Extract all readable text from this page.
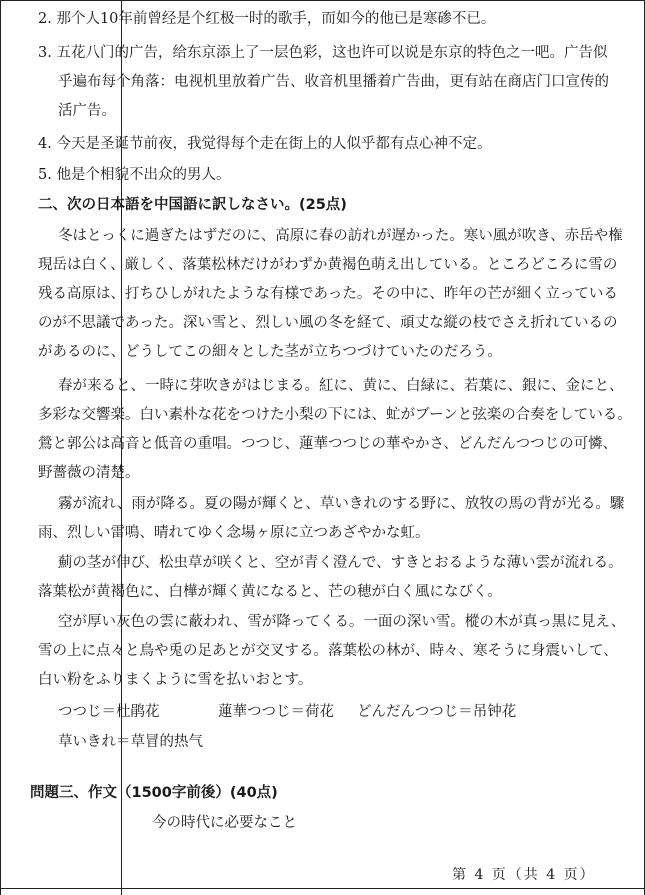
2. 那个人10年前曾经是个红极一时的歌手，而如今的他已是寒碜不已。
3. 五花八门的广告，给东京添上了一层色彩，这也许可以说是东京的特色之一吧。广告似
乎遍布每个角落：电视机里放着广告、收音机里播着广告曲，更有站在商店门口宣传的
活广告。
4. 今天是圣诞节前夜，我觉得每个走在街上的人似乎都有点心神不定。
5. 他是个相貌不出众的男人。
二、次の日本語を中国語に訳しなさい。(25点)
冬はとっくに過ぎたはずだのに、高原に春の訪れが遅かった。寒い風が吹き、赤岳や権
現岳は白く、厳しく、落葉松林だけがわずか黄褐色萌え出している。ところどころに雪の
残る高原は、打ちひしがれたような有様であった。その中に、昨年の芒が細く立っている
のが不思議であった。深い雪と、烈しい風の冬を経て、頑丈な縦の枝でさえ折れているの
があるのに、どうしてこの細々とした茎が立ちつづけていたのだろう。
春が来ると、一時に芽吹きがはじまる。紅に、黄に、白緑に、若葉に、銀に、金にと、
多彩な交響楽。白い素朴な花をつけた小梨の下には、虻がブーンと弦楽の合奏をしている。
鶯と郭公は高音と低音の重唱。つつじ、蓮華つつじの華やかさ、どんだんつつじの可憐、
野薔薇の清楚。
霧が流れ、雨が降る。夏の陽が輝くと、草いきれのする野に、放牧の馬の背が光る。驟
雨、烈しい雷鳴、晴れてゆく念場ヶ原に立つあざやかな虹。
薊の茎が伸び、松虫草が咲くと、空が青く澄んで、すきとおるような薄い雲が流れる。
落葉松が黄褐色に、白樺が輝く黄になると、芒の穂が白く風になびく。
空が厚い灰色の雲に蔽われ、雪が降ってくる。一面の深い雪。樅の木が真っ黒に見え、
雪の上に点々と鳥や兎の足あとが交叉する。落葉松の林が、時々、寒そうに身震いして、
白い粉をふりまくように雪を払いおとす。
つつじ＝杜鹃花	蓮華つつじ＝荷花 どんだんつつじ＝吊钟花
草いきれ＝草冒的热气
問題三、作文（1500字前後）(40点)
今の時代に必要なこと
第 4 页（共 4 页）
